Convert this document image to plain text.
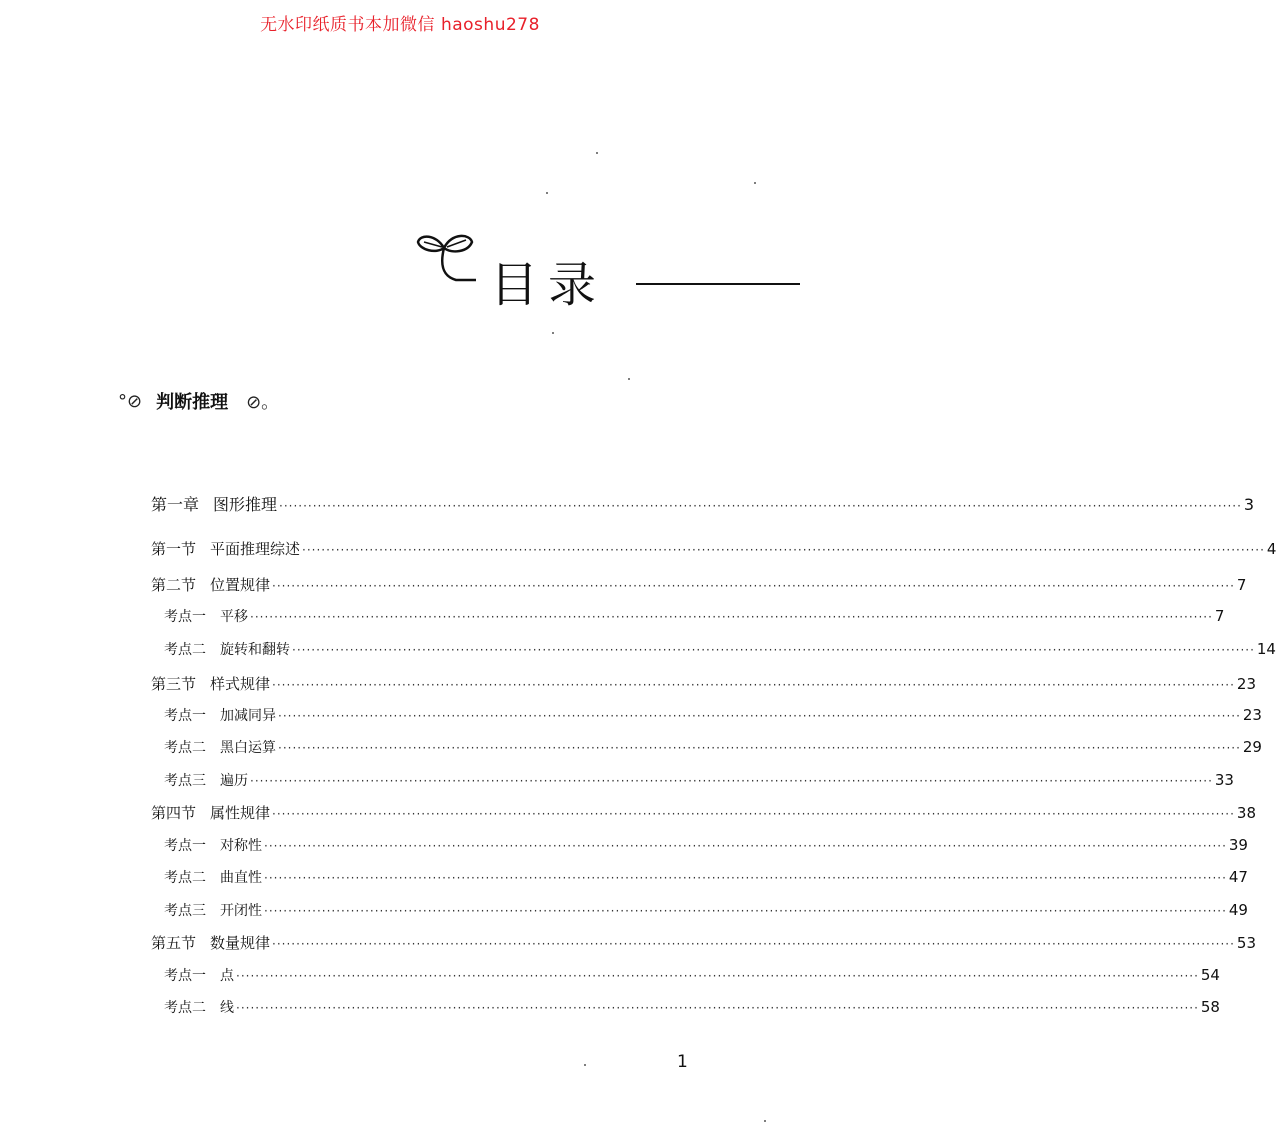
无水印纸质书本加微信 haoshu278
目录
°⊘ 判断推理 ⊘。
第一章 图形推理 ········································································································································································································ 3
第一节 平面推理综述 ········································································································································································································ 4
第二节 位置规律 ········································································································································································································ 7
考点一 平移 ········································································································································································································ 7
考点二 旋转和翻转 ········································································································································································································ 14
第三节 样式规律 ········································································································································································································ 23
考点一 加减同异 ········································································································································································································ 23
考点二 黑白运算 ········································································································································································································ 29
考点三 遍历 ········································································································································································································ 33
第四节 属性规律 ········································································································································································································ 38
考点一 对称性 ········································································································································································································ 39
考点二 曲直性 ········································································································································································································ 47
考点三 开闭性 ········································································································································································································ 49
第五节 数量规律 ········································································································································································································ 53
考点一 点 ········································································································································································································ 54
考点二 线 ········································································································································································································ 58
1
